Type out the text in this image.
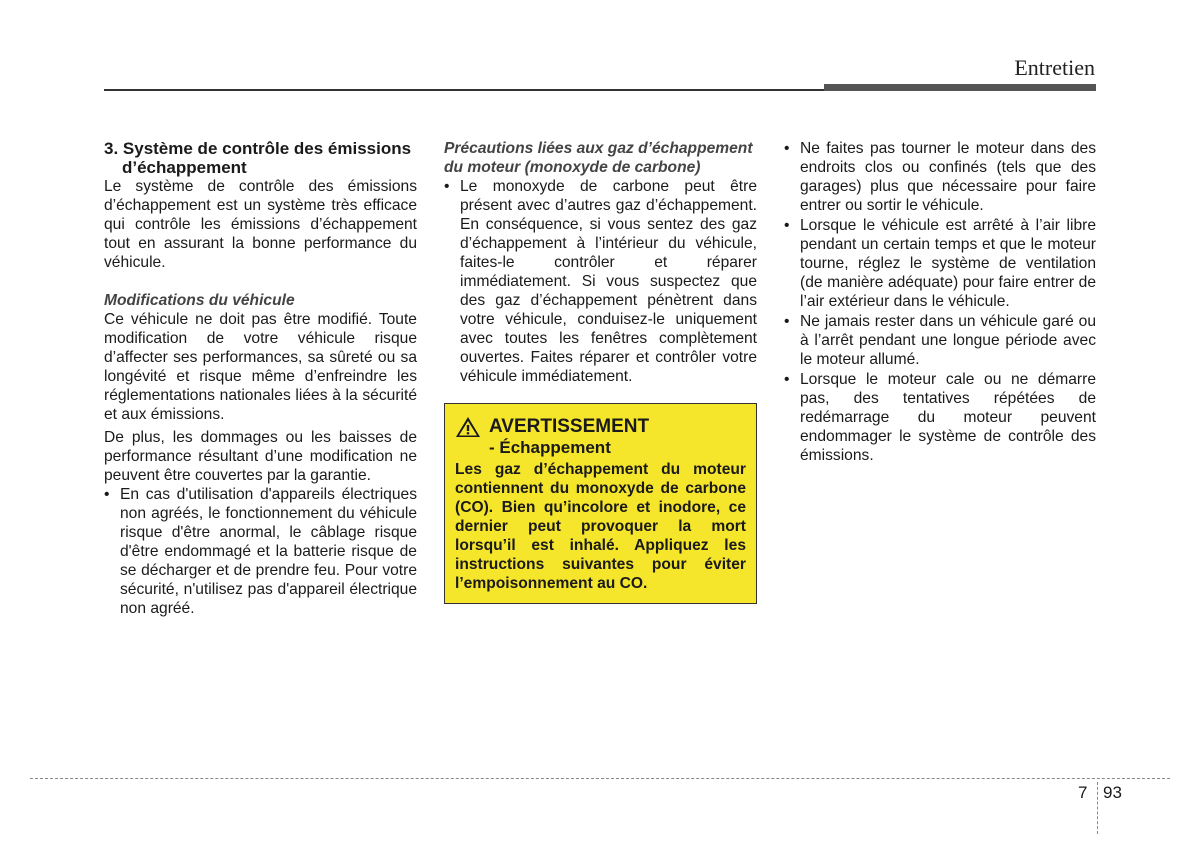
Entretien
3. Système de contrôle des émissions d’échappement

Le système de contrôle des émissions d’échappement est un système très efficace qui contrôle les émissions d’échappement tout en assurant la bonne performance du véhicule.

Modifications du véhicule

Ce véhicule ne doit pas être modifié. Toute modification de votre véhicule risque d’affecter ses performances, sa sûreté ou sa longévité et risque même d’enfreindre les réglementations nationales liées à la sécurité et aux émissions.

De plus, les dommages ou les baisses de performance résultant d’une modification ne peuvent être couvertes par la garantie.

• En cas d'utilisation d'appareils électriques non agréés, le fonctionnement du véhicule risque d'être anormal, le câblage risque d'être endommagé et la batterie risque de se décharger et de prendre feu. Pour votre sécurité, n'utilisez pas d'appareil électrique non agréé.

Précautions liées aux gaz d’échappement du moteur (monoxyde de carbone)

• Le monoxyde de carbone peut être présent avec d’autres gaz d’échappement. En conséquence, si vous sentez des gaz d’échappement à l’intérieur du véhicule, faites-le contrôler et réparer immédiatement. Si vous suspectez que des gaz d’échappement pénètrent dans votre véhicule, conduisez-le uniquement avec toutes les fenêtres complètement ouvertes. Faites réparer et contrôler votre véhicule immédiatement.
AVERTISSEMENT
- Échappement
Les gaz d’échappement du moteur contiennent du monoxyde de carbone (CO). Bien qu’incolore et inodore, ce dernier peut provoquer la mort lorsqu’il est inhalé. Appliquez les instructions suivantes pour éviter l’empoisonnement au CO.
• Ne faites pas tourner le moteur dans des endroits clos ou confinés (tels que des garages) plus que nécessaire pour faire entrer ou sortir le véhicule.
• Lorsque le véhicule est arrêté à l’air libre pendant un certain temps et que le moteur tourne, réglez le système de ventilation (de manière adéquate) pour faire entrer de l’air extérieur dans le véhicule.
• Ne jamais rester dans un véhicule garé ou à l’arrêt pendant une longue période avec le moteur allumé.
• Lorsque le moteur cale ou ne démarre pas, des tentatives répétées de redémarrage du moteur peuvent endommager le système de contrôle des émissions.
7 93
